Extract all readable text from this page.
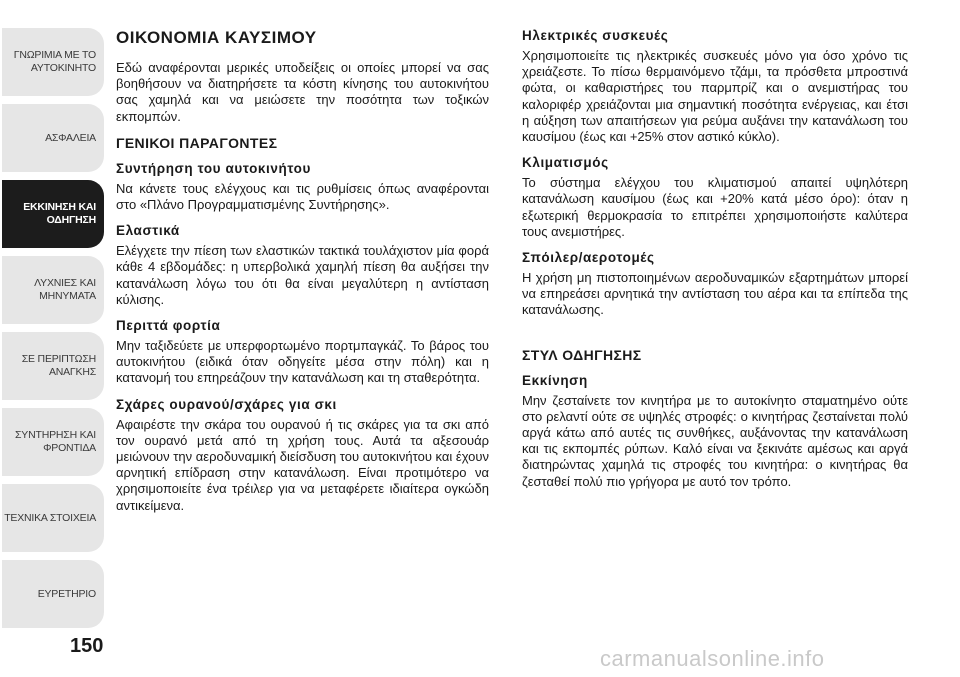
ΓΝΩΡΙΜΙΑ ΜΕ ΤΟ
ΑΥΤΟΚΙΝΗΤΟ
ΑΣΦΑΛΕΙΑ
ΕΚΚΙΝΗΣΗ ΚΑΙ
ΟΔΗΓΗΣΗ
ΛΥΧΝΙΕΣ ΚΑΙ
ΜΗΝΥΜΑΤΑ
ΣΕ ΠΕΡΙΠΤΩΣΗ
ΑΝΑΓΚΗΣ
ΣΥΝΤΗΡΗΣΗ ΚΑΙ
ΦΡΟΝΤΙΔΑ
ΤΕΧΝΙΚΑ ΣΤΟΙΧΕΙΑ
ΕΥΡΕΤΗΡΙΟ
150
ΟΙΚΟΝΟΜΙΑ ΚΑΥΣΙΜΟΥ

Εδώ αναφέρονται μερικές υποδείξεις οι οποίες μπορεί να σας βοηθήσουν να διατηρήσετε τα κόστη κίνησης του αυτοκινήτου σας χαμηλά και να μειώσετε την ποσότητα των τοξικών εκπομπών.

ΓΕΝΙΚΟΙ ΠΑΡΑΓΟΝΤΕΣ
Συντήρηση του αυτοκινήτου

Να κάνετε τους ελέγχους και τις ρυθμίσεις όπως αναφέρονται στο «Πλάνο Προγραμματισμένης Συντήρησης».

Ελαστικά

Ελέγχετε την πίεση των ελαστικών τακτικά τουλάχιστον μία φορά κάθε 4 εβδομάδες: η υπερβολικά χαμηλή πίεση θα αυξήσει την κατανάλωση λόγω του ότι θα είναι μεγαλύτερη η αντίσταση κύλισης.

Περιττά φορτία

Μην ταξιδεύετε με υπερφορτωμένο πορτμπαγκάζ. Το βάρος του αυτοκινήτου (ειδικά όταν οδηγείτε μέσα στην πόλη) και η κατανομή του επηρεάζουν την κατανάλωση και τη σταθερότητα.

Σχάρες ουρανού/σχάρες για σκι

Αφαιρέστε την σκάρα του ουρανού ή τις σκάρες για τα σκι από τον ουρανό μετά από τη χρήση τους. Αυτά τα αξεσουάρ μειώνουν την αεροδυναμική διείσδυση του αυτοκινήτου και έχουν αρνητική επίδραση στην κατανάλωση. Είναι προτιμότερο να χρησιμοποιείτε ένα τρέιλερ για να μεταφέρετε ιδιαίτερα ογκώδη αντικείμενα.

Ηλεκτρικές συσκευές

Χρησιμοποιείτε τις ηλεκτρικές συσκευές μόνο για όσο χρόνο τις χρειάζεστε. Το πίσω θερμαινόμενο τζάμι, τα πρόσθετα μπροστινά φώτα, οι καθαριστήρες του παρμπρίζ και ο ανεμιστήρας του καλοριφέρ χρειάζονται μια σημαντική ποσότητα ενέργειας, και έτσι η αύξηση των απαιτήσεων για ρεύμα αυξάνει την κατανάλωση του καυσίμου (έως και +25% στον αστικό κύκλο).

Κλιματισμός

Το σύστημα ελέγχου του κλιματισμού απαιτεί υψηλότερη κατανάλωση καυσίμου (έως και +20% κατά μέσο όρο): όταν η εξωτερική θερμοκρασία το επιτρέπει χρησιμοποιήστε καλύτερα τους ανεμιστήρες.

Σπόιλερ/αεροτομές

Η χρήση μη πιστοποιημένων αεροδυναμικών εξαρτημάτων μπορεί να επηρεάσει αρνητικά την αντίσταση του αέρα και τα επίπεδα της κατανάλωσης.

ΣΤΥΛ ΟΔΗΓΗΣΗΣ
Εκκίνηση

Μην ζεσταίνετε τον κινητήρα με το αυτοκίνητο σταματημένο ούτε στο ρελαντί ούτε σε υψηλές στροφές: ο κινητήρας ζεσταίνεται πολύ αργά κάτω από αυτές τις συνθήκες, αυξάνοντας την κατανάλωση και τις εκπομπές ρύπων. Καλό είναι να ξεκινάτε αμέσως και αργά διατηρώντας χαμηλά τις στροφές του κινητήρα: ο κινητήρας θα ζεσταθεί πολύ πιο γρήγορα με αυτό τον τρόπο.

carmanualsonline.info
